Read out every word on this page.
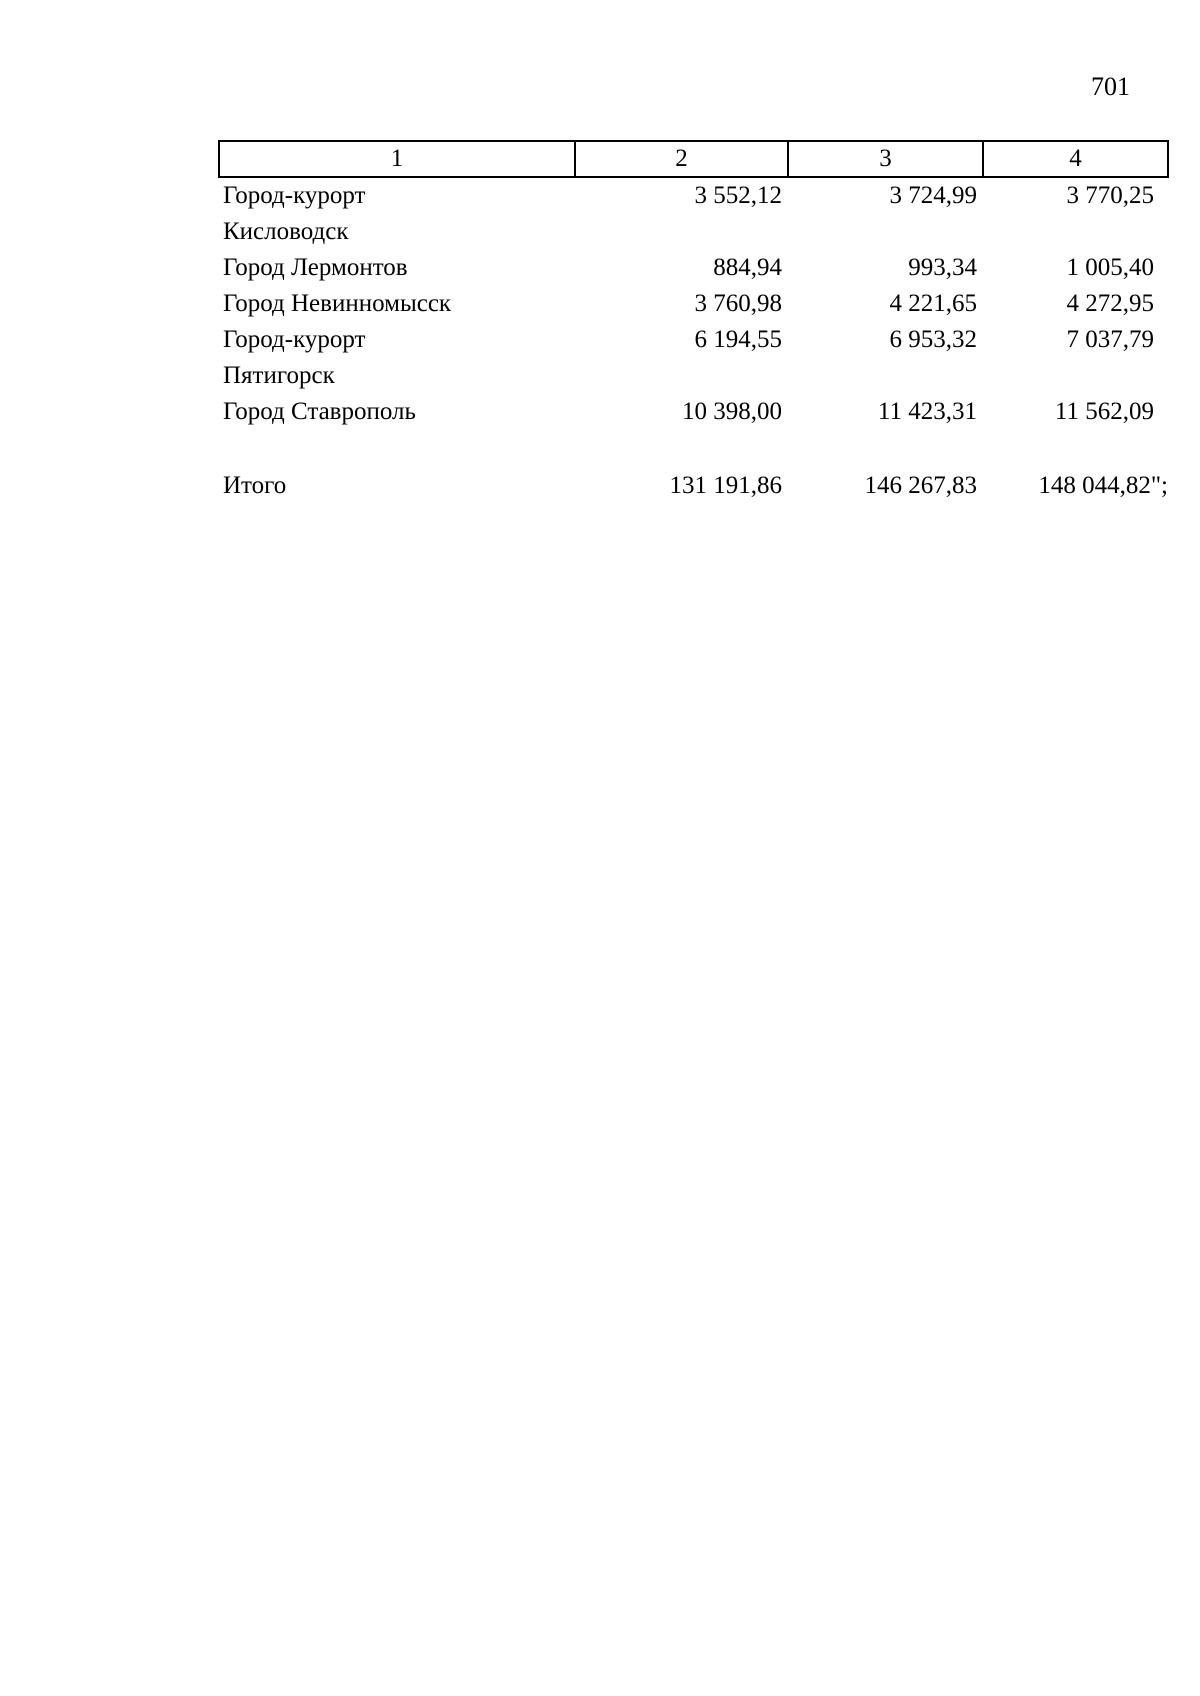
701
1	2	3	4
Город-курорт
Кисловодск	3 552,12	3 724,99	3 770,25
Город Лермонтов	884,94	993,34	1 005,40
Город Невинномысск	3 760,98	4 221,65	4 272,95
Город-курорт
Пятигорск	6 194,55	6 953,32	7 037,79
Город Ставрополь	10 398,00	11 423,31	11 562,09

Итого	131 191,86	146 267,83	148 044,82";
